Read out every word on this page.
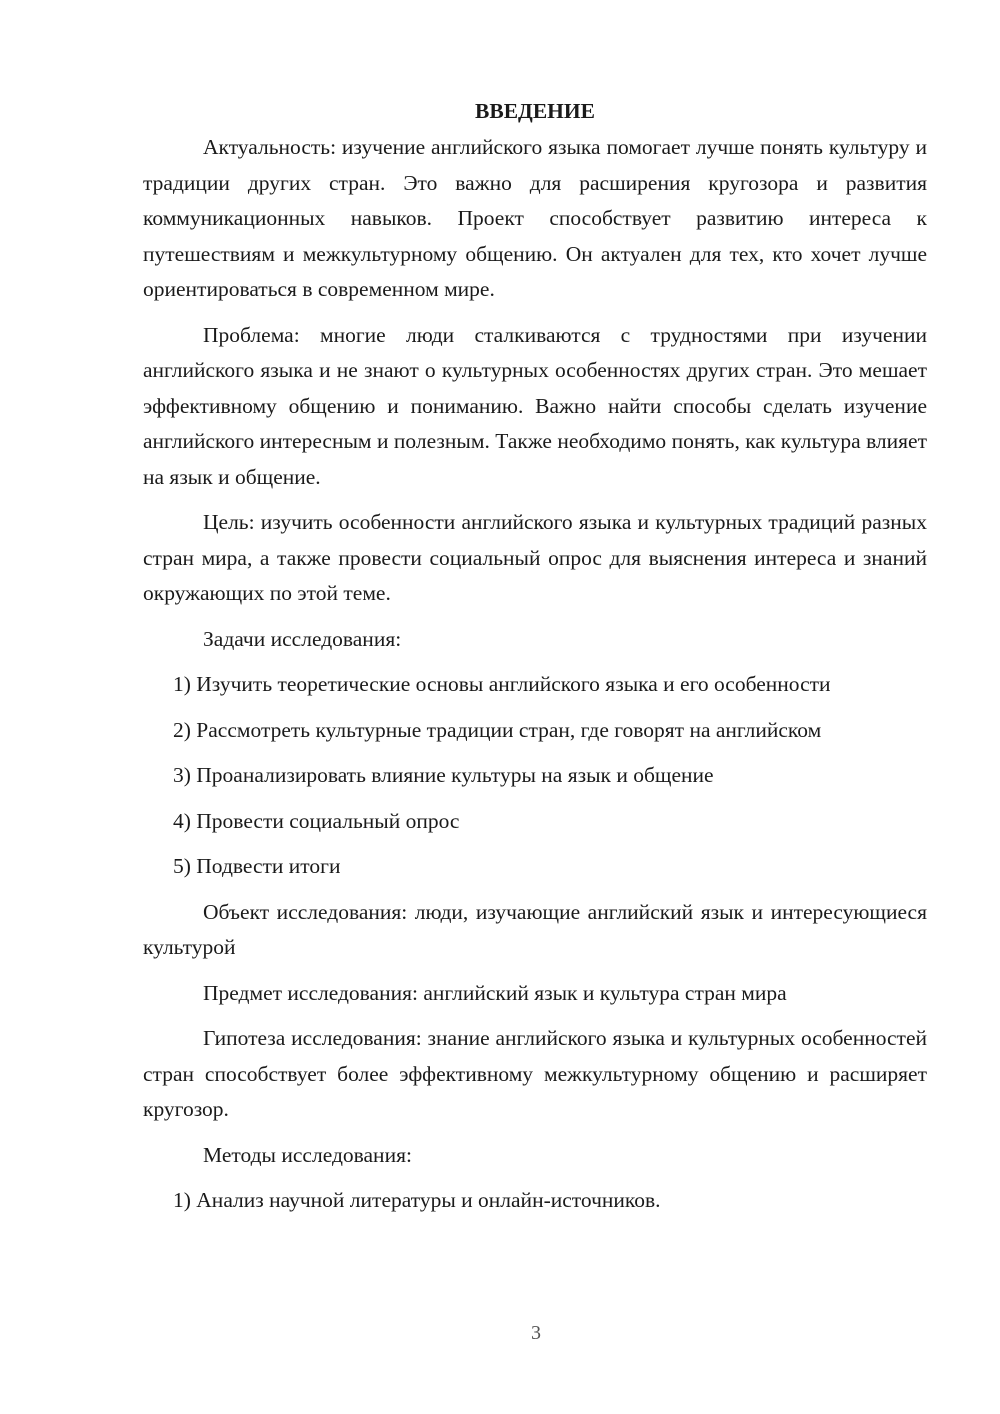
ВВЕДЕНИЕ

Актуальность: изучение английского языка помогает лучше понять культуру и традиции других стран. Это важно для расширения кругозора и развития коммуникационных навыков. Проект способствует развитию интереса к путешествиям и межкультурному общению. Он актуален для тех, кто хочет лучше ориентироваться в современном мире.

Проблема: многие люди сталкиваются с трудностями при изучении английского языка и не знают о культурных особенностях других стран. Это мешает эффективному общению и пониманию. Важно найти способы сделать изучение английского интересным и полезным. Также необходимо понять, как культура влияет на язык и общение.

Цель: изучить особенности английского языка и культурных традиций разных стран мира, а также провести социальный опрос для выяснения интереса и знаний окружающих по этой теме.

Задачи исследования:

1) Изучить теоретические основы английского языка и его особенности

2) Рассмотреть культурные традиции стран, где говорят на английском

3) Проанализировать влияние культуры на язык и общение

4) Провести социальный опрос

5) Подвести итоги

Объект исследования: люди, изучающие английский язык и интересующиеся культурой

Предмет исследования: английский язык и культура стран мира

Гипотеза исследования: знание английского языка и культурных особенностей стран способствует более эффективному межкультурному общению и расширяет кругозор.

Методы исследования:

1) Анализ научной литературы и онлайн-источников.

3
